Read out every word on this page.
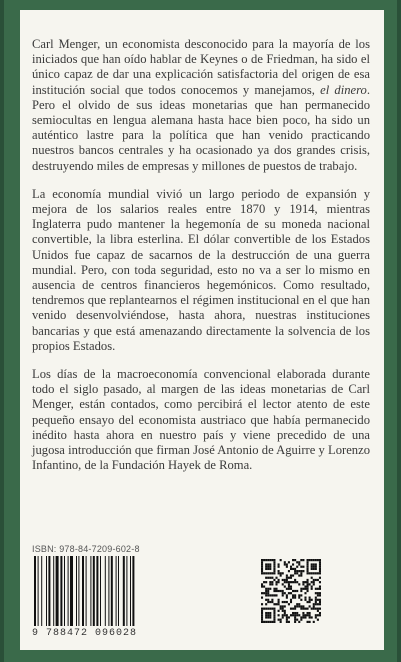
Carl Menger, un economista desconocido para la mayoría de los iniciados que han oído hablar de Keynes o de Friedman, ha sido el único capaz de dar una explicación satisfactoria del origen de esa institución social que todos conocemos y manejamos, el dinero. Pero el olvido de sus ideas monetarias que han permanecido semiocultas en lengua alemana hasta hace bien poco, ha sido un auténtico lastre para la política que han venido practicando nuestros bancos centrales y ha ocasionado ya dos grandes crisis, destruyendo miles de empresas y millones de puestos de trabajo.

La economía mundial vivió un largo periodo de expansión y mejora de los salarios reales entre 1870 y 1914, mientras Inglaterra pudo mantener la hegemonía de su moneda nacional convertible, la libra esterlina. El dólar convertible de los Estados Unidos fue capaz de sacarnos de la destrucción de una guerra mundial. Pero, con toda seguridad, esto no va a ser lo mismo en ausencia de centros financieros hegemónicos. Como resultado, tendremos que replantearnos el régimen institucional en el que han venido desenvolviéndose, hasta ahora, nuestras instituciones bancarias y que está amenazando directamente la solvencia de los propios Estados.

Los días de la macroeconomía convencional elaborada durante todo el siglo pasado, al margen de las ideas monetarias de Carl Menger, están contados, como percibirá el lector atento de este pequeño ensayo del economista austriaco que había permanecido inédito hasta ahora en nuestro país y viene precedido de una jugosa introducción que firman José Antonio de Aguirre y Lorenzo Infantino, de la Fundación Hayek de Roma.

ISBN: 978-84-7209-602-8
9 788472 096028
